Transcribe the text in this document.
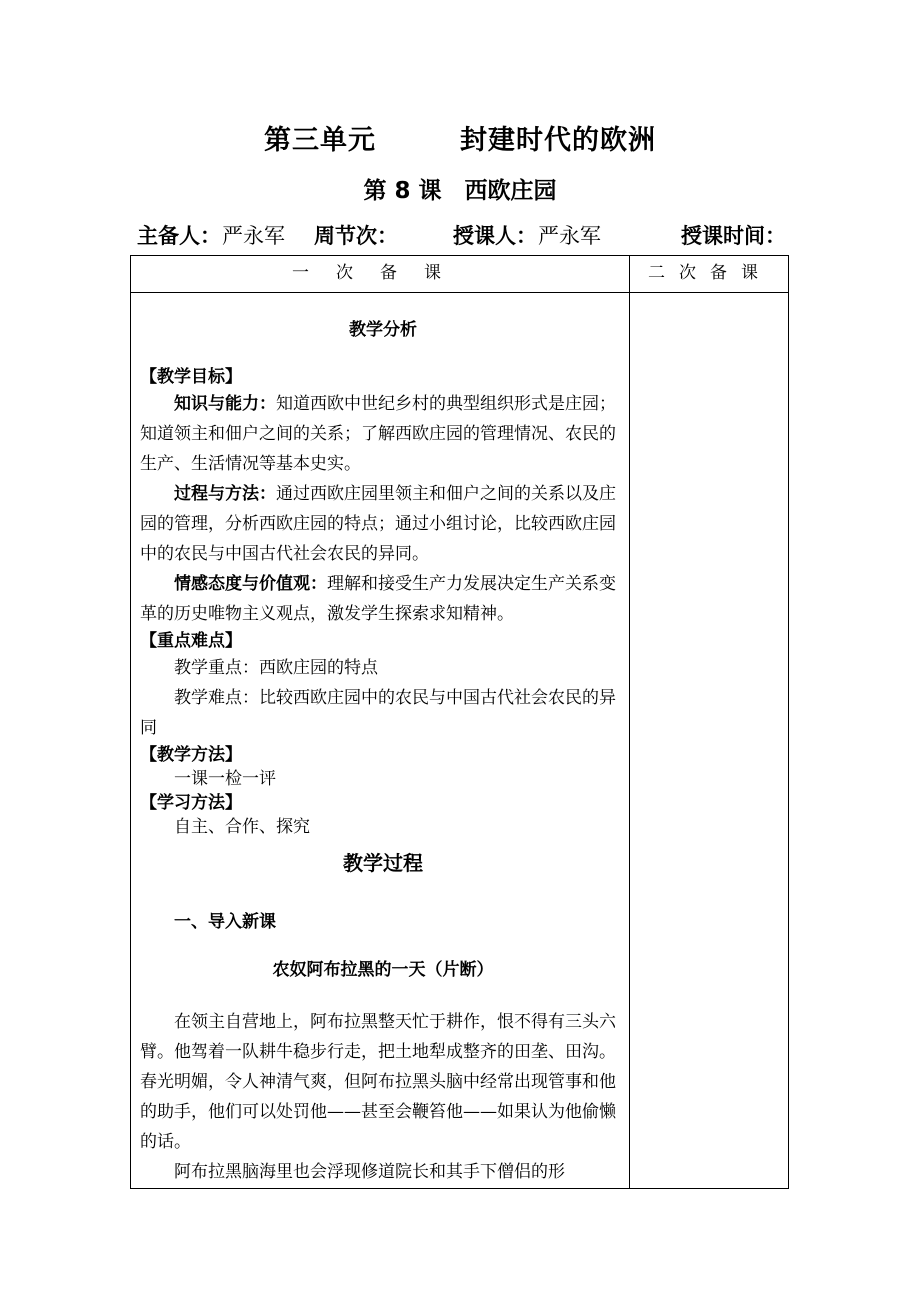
第三单元　　　封建时代的欧洲
第 8 课　西欧庄园
主备人： 严永军 周节次：	授课人： 严永军	授课时间：
一次备课	二次备课

教学分析

【教学目标】

知识与能力：知道西欧中世纪乡村的典型组织形式是庄园；知道领主和佃户之间的关系；了解西欧庄园的管理情况、农民的生产、生活情况等基本史实。

过程与方法：通过西欧庄园里领主和佃户之间的关系以及庄园的管理，分析西欧庄园的特点；通过小组讨论，比较西欧庄园中的农民与中国古代社会农民的异同。

情感态度与价值观：理解和接受生产力发展决定生产关系变革的历史唯物主义观点，激发学生探索求知精神。

【重点难点】

教学重点：西欧庄园的特点

教学难点：比较西欧庄园中的农民与中国古代社会农民的异同

【教学方法】

一课一检一评

【学习方法】

自主、合作、探究

教学过程

一、导入新课

农奴阿布拉黑的一天（片断）

在领主自营地上，阿布拉黑整天忙于耕作，恨不得有三头六臂。他驾着一队耕牛稳步行走，把土地犁成整齐的田垄、田沟。春光明媚，令人神清气爽，但阿布拉黑头脑中经常出现管事和他的助手，他们可以处罚他——甚至会鞭笞他——如果认为他偷懒的话。

阿布拉黑脑海里也会浮现修道院长和其手下僧侣的形
